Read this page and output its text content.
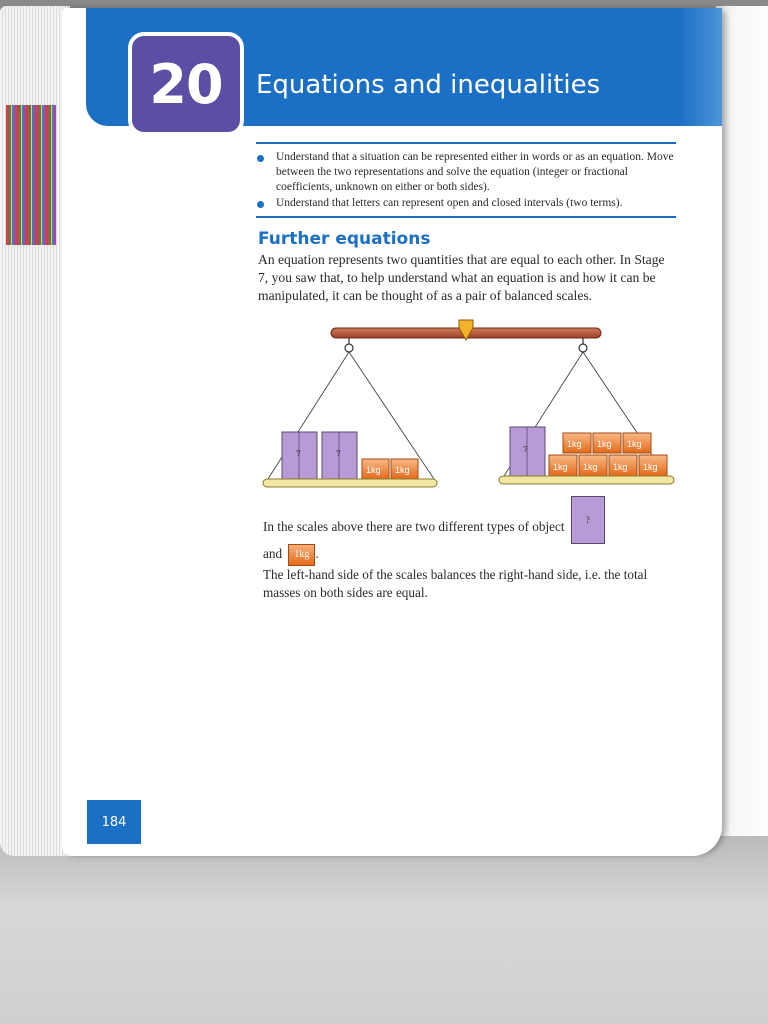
20 Equations and inequalities
Understand that a situation can be represented either in words or as an equation. Move between the two representations and solve the equation (integer or fractional coefficients, unknown on either or both sides).
Understand that letters can represent open and closed intervals (two terms).
Further equations

An equation represents two quantities that are equal to each other. In Stage 7, you saw that, to help understand what an equation is and how it can be manipulated, it can be thought of as a pair of balanced scales.

?	?
1kg 1kg
?
1kg 1kg 1kg
1kg 1kg 1kg 1kg

In the scales above there are two different types of object ?
and 1kg .
The left-hand side of the scales balances the right-hand side, i.e. the total masses on both sides are equal.

184
